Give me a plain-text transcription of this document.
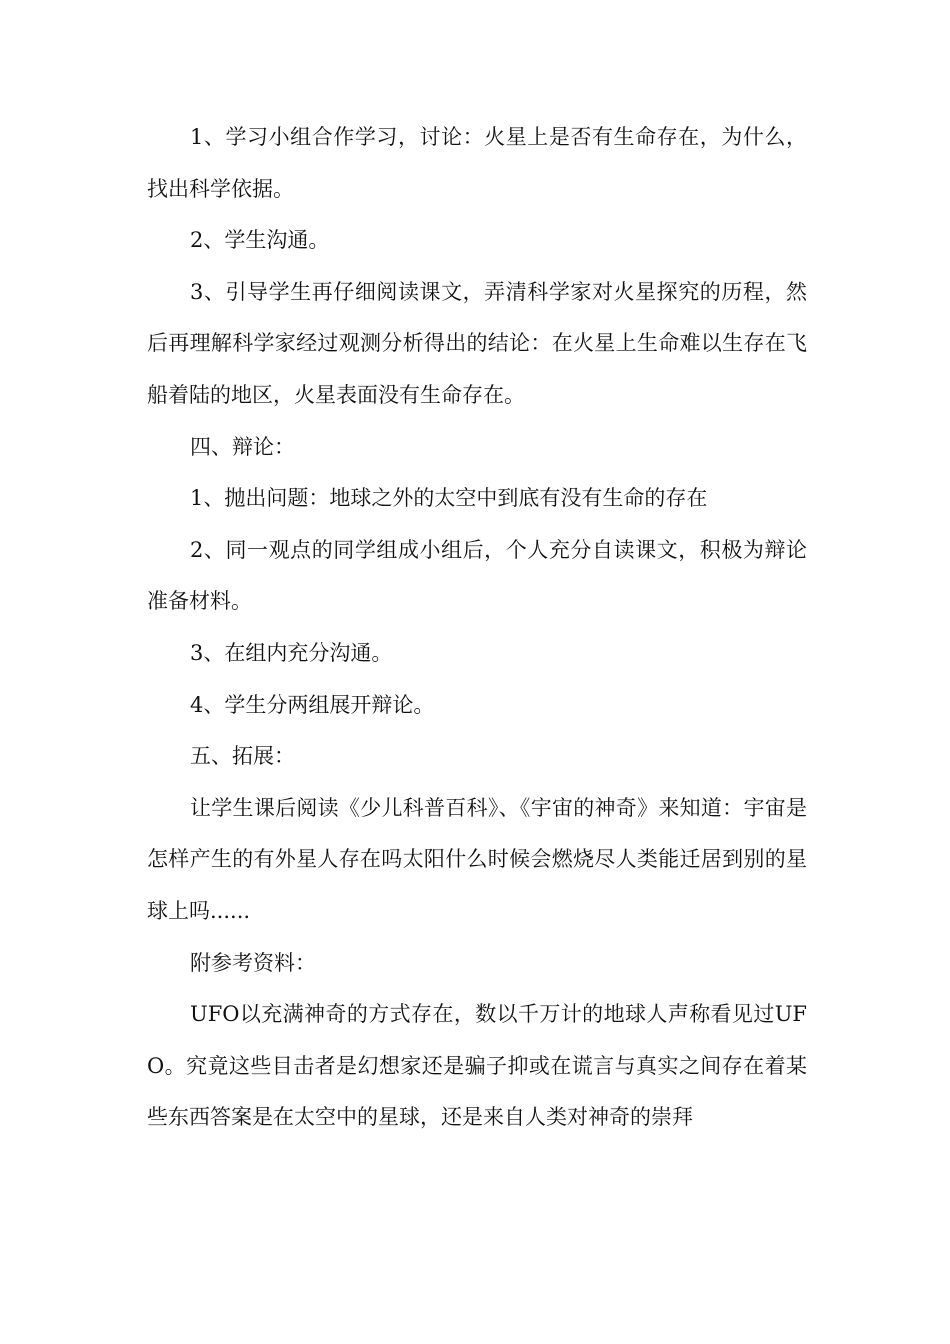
1、学习小组合作学习，讨论：火星上是否有生命存在，为什么，找出科学依据。

2、学生沟通。

3、引导学生再仔细阅读课文，弄清科学家对火星探究的历程，然后再理解科学家经过观测分析得出的结论：在火星上生命难以生存在飞船着陆的地区，火星表面没有生命存在。

四、辩论：

1、抛出问题：地球之外的太空中到底有没有生命的存在

2、同一观点的同学组成小组后，个人充分自读课文，积极为辩论准备材料。

3、在组内充分沟通。

4、学生分两组展开辩论。

五、拓展：

让学生课后阅读《少儿科普百科》、《宇宙的神奇》来知道：宇宙是怎样产生的有外星人存在吗太阳什么时候会燃烧尽人类能迁居到别的星球上吗......

附参考资料：

UFO以充满神奇的方式存在，数以千万计的地球人声称看见过UFO。究竟这些目击者是幻想家还是骗子抑或在谎言与真实之间存在着某些东西答案是在太空中的星球，还是来自人类对神奇的崇拜
